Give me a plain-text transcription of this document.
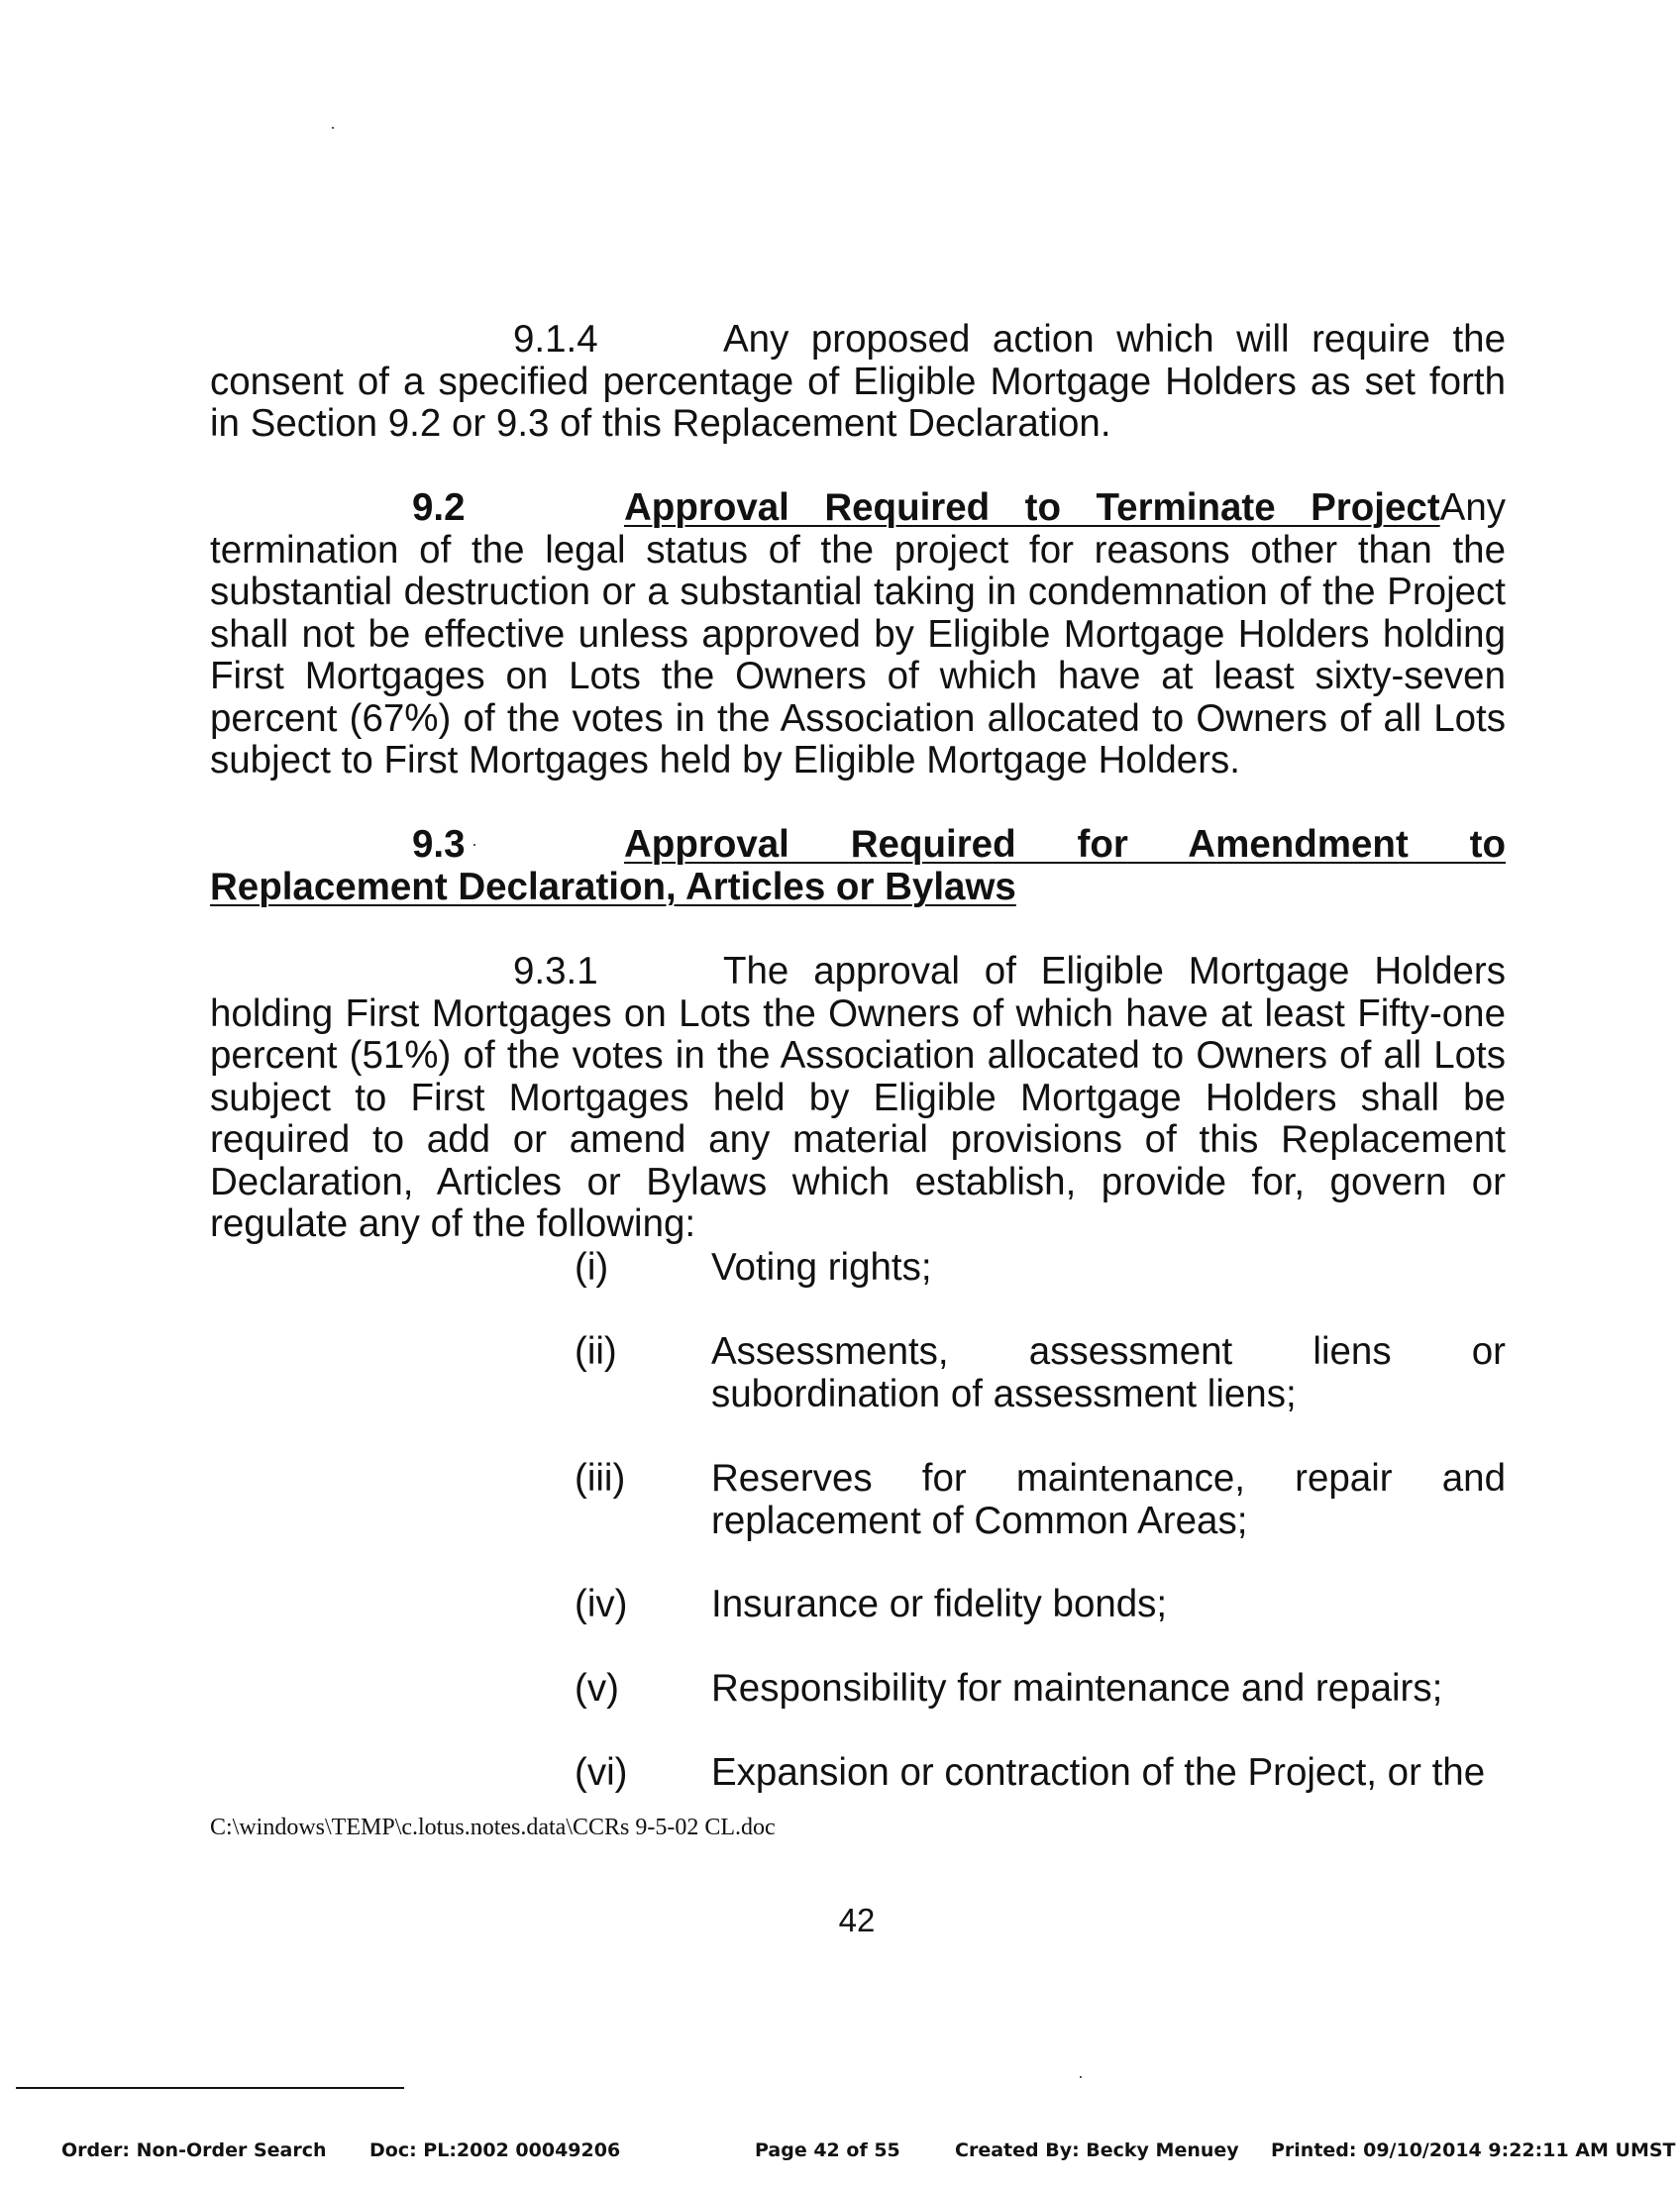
9.1.4	Any proposed action which will require the
consent of a specified percentage of Eligible Mortgage Holders as set forth in Section 9.2 or 9.3 of this Replacement Declaration.
9.2	Approval Required to Terminate ProjectAny
termination of the legal status of the project for reasons other than the substantial destruction or a substantial taking in condemnation of the Project shall not be effective unless approved by Eligible Mortgage Holders holding First Mortgages on Lots the Owners of which have at least sixty-seven percent (67%) of the votes in the Association allocated to Owners of all Lots subject to First Mortgages held by Eligible Mortgage Holders.
9.3	Approval Required for Amendment to
Replacement Declaration, Articles or Bylaws
9.3.1	The approval of Eligible Mortgage Holders
holding First Mortgages on Lots the Owners of which have at least Fifty-one percent (51%) of the votes in the Association allocated to Owners of all Lots subject to First Mortgages held by Eligible Mortgage Holders shall be required to add or amend any material provisions of this Replacement Declaration, Articles or Bylaws which establish, provide for, govern or
regulate any of the following:
(i)	Voting rights;
(ii)	Assessments, assessment liens or
subordination of assessment liens;
(iii)	Reserves for maintenance, repair and
replacement of Common Areas;
(iv)	Insurance or fidelity bonds;
(v)	Responsibility for maintenance and repairs;
(vi)	Expansion or contraction of the Project, or the
C:\windows\TEMP\c.lotus.notes.data\CCRs 9-5-02 CL.doc
42
Order: Non-Order Search Doc: PL:2002 00049206	Page 42 of 55	Created By: Becky Menuey Printed: 09/10/2014 9:22:11 AM UMST
